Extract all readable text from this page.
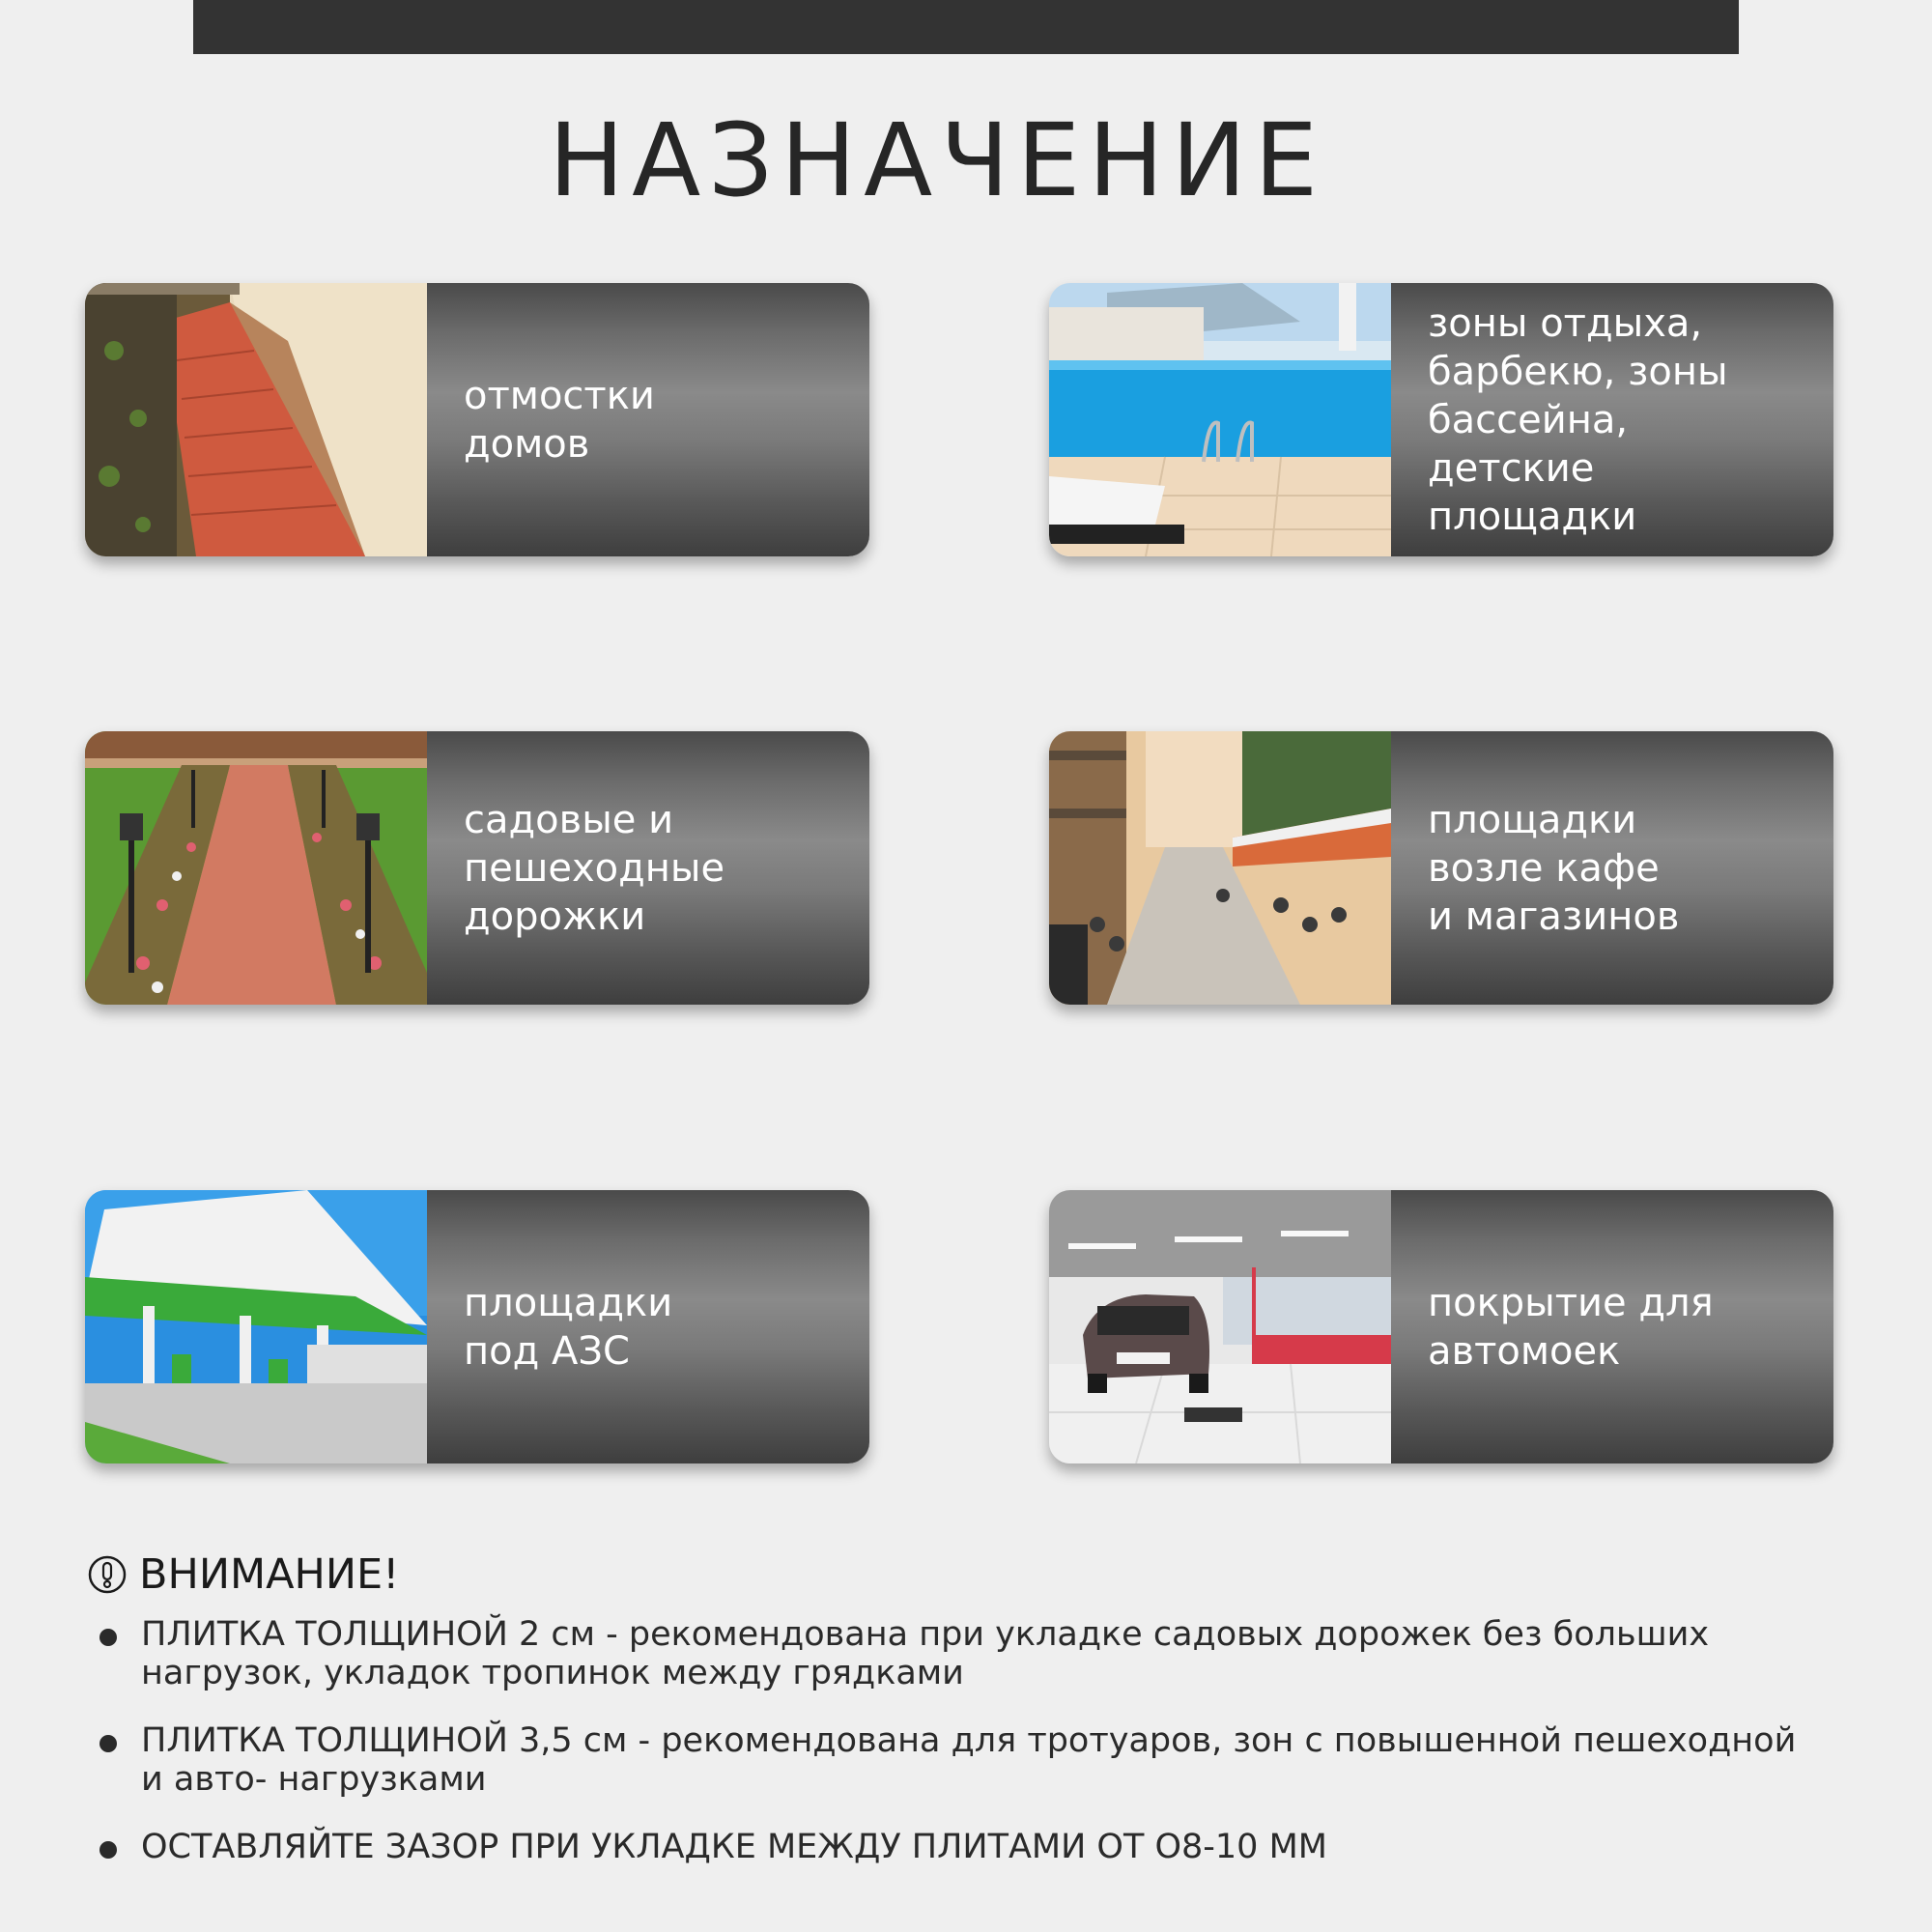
НАЗНАЧЕНИЕ
отмостки
домов
зоны отдыха,
барбекю, зоны
бассейна, детские
площадки
садовые и
пешеходные
дорожки
площадки
возле кафе
и магазинов
площадки
под АЗС
покрытие для
автомоек
ВНИМАНИЕ!
ПЛИТКА ТОЛЩИНОЙ 2 см - рекомендована при укладке садовых дорожек без больших нагрузок, укладок тропинок между грядками
ПЛИТКА ТОЛЩИНОЙ 3,5 см - рекомендована для тротуаров, зон с повышенной пешеходной и авто- нагрузками
ОСТАВЛЯЙТЕ ЗАЗОР ПРИ УКЛАДКЕ МЕЖДУ ПЛИТАМИ ОТ О8-10 ММ
